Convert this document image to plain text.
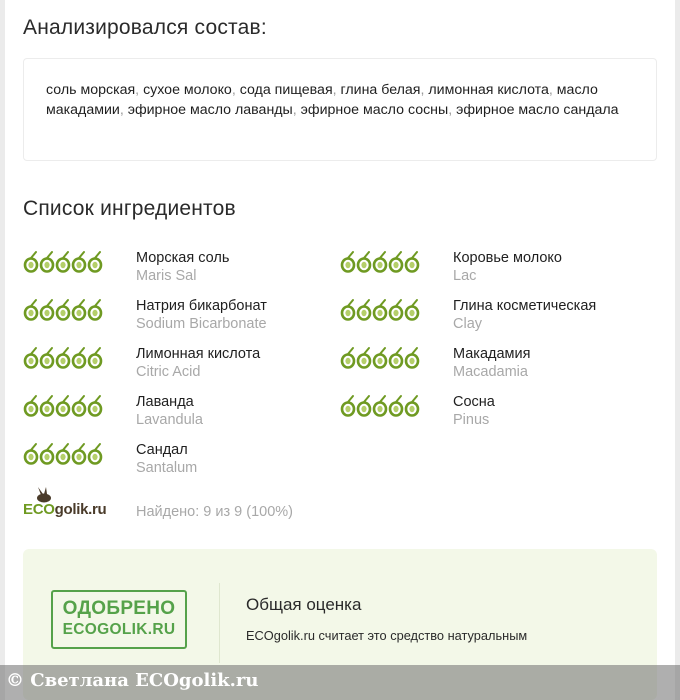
Анализировался состав:
соль морская, сухое молоко, сода пищевая, глина белая, лимонная кислота, масло макадамии, эфирное масло лаванды, эфирное масло сосны, эфирное масло сандала
Список ингредиентов
Морская соль
Maris Sal
Коровье молоко
Lac
Натрия бикарбонат
Sodium Bicarbonate
Глина косметическая
Clay
Лимонная кислота
Citric Acid
Макадамия
Macadamia
Лаванда
Lavandula
Сосна
Pinus
Сандал
Santalum
ECOgolik.ru Найдено: 9 из 9 (100%)
ОДОБРЕНО
ECOGOLIK.RU
Общая оценка
ECOgolik.ru считает это средство натуральным
© Светлана ECOgolik.ru
